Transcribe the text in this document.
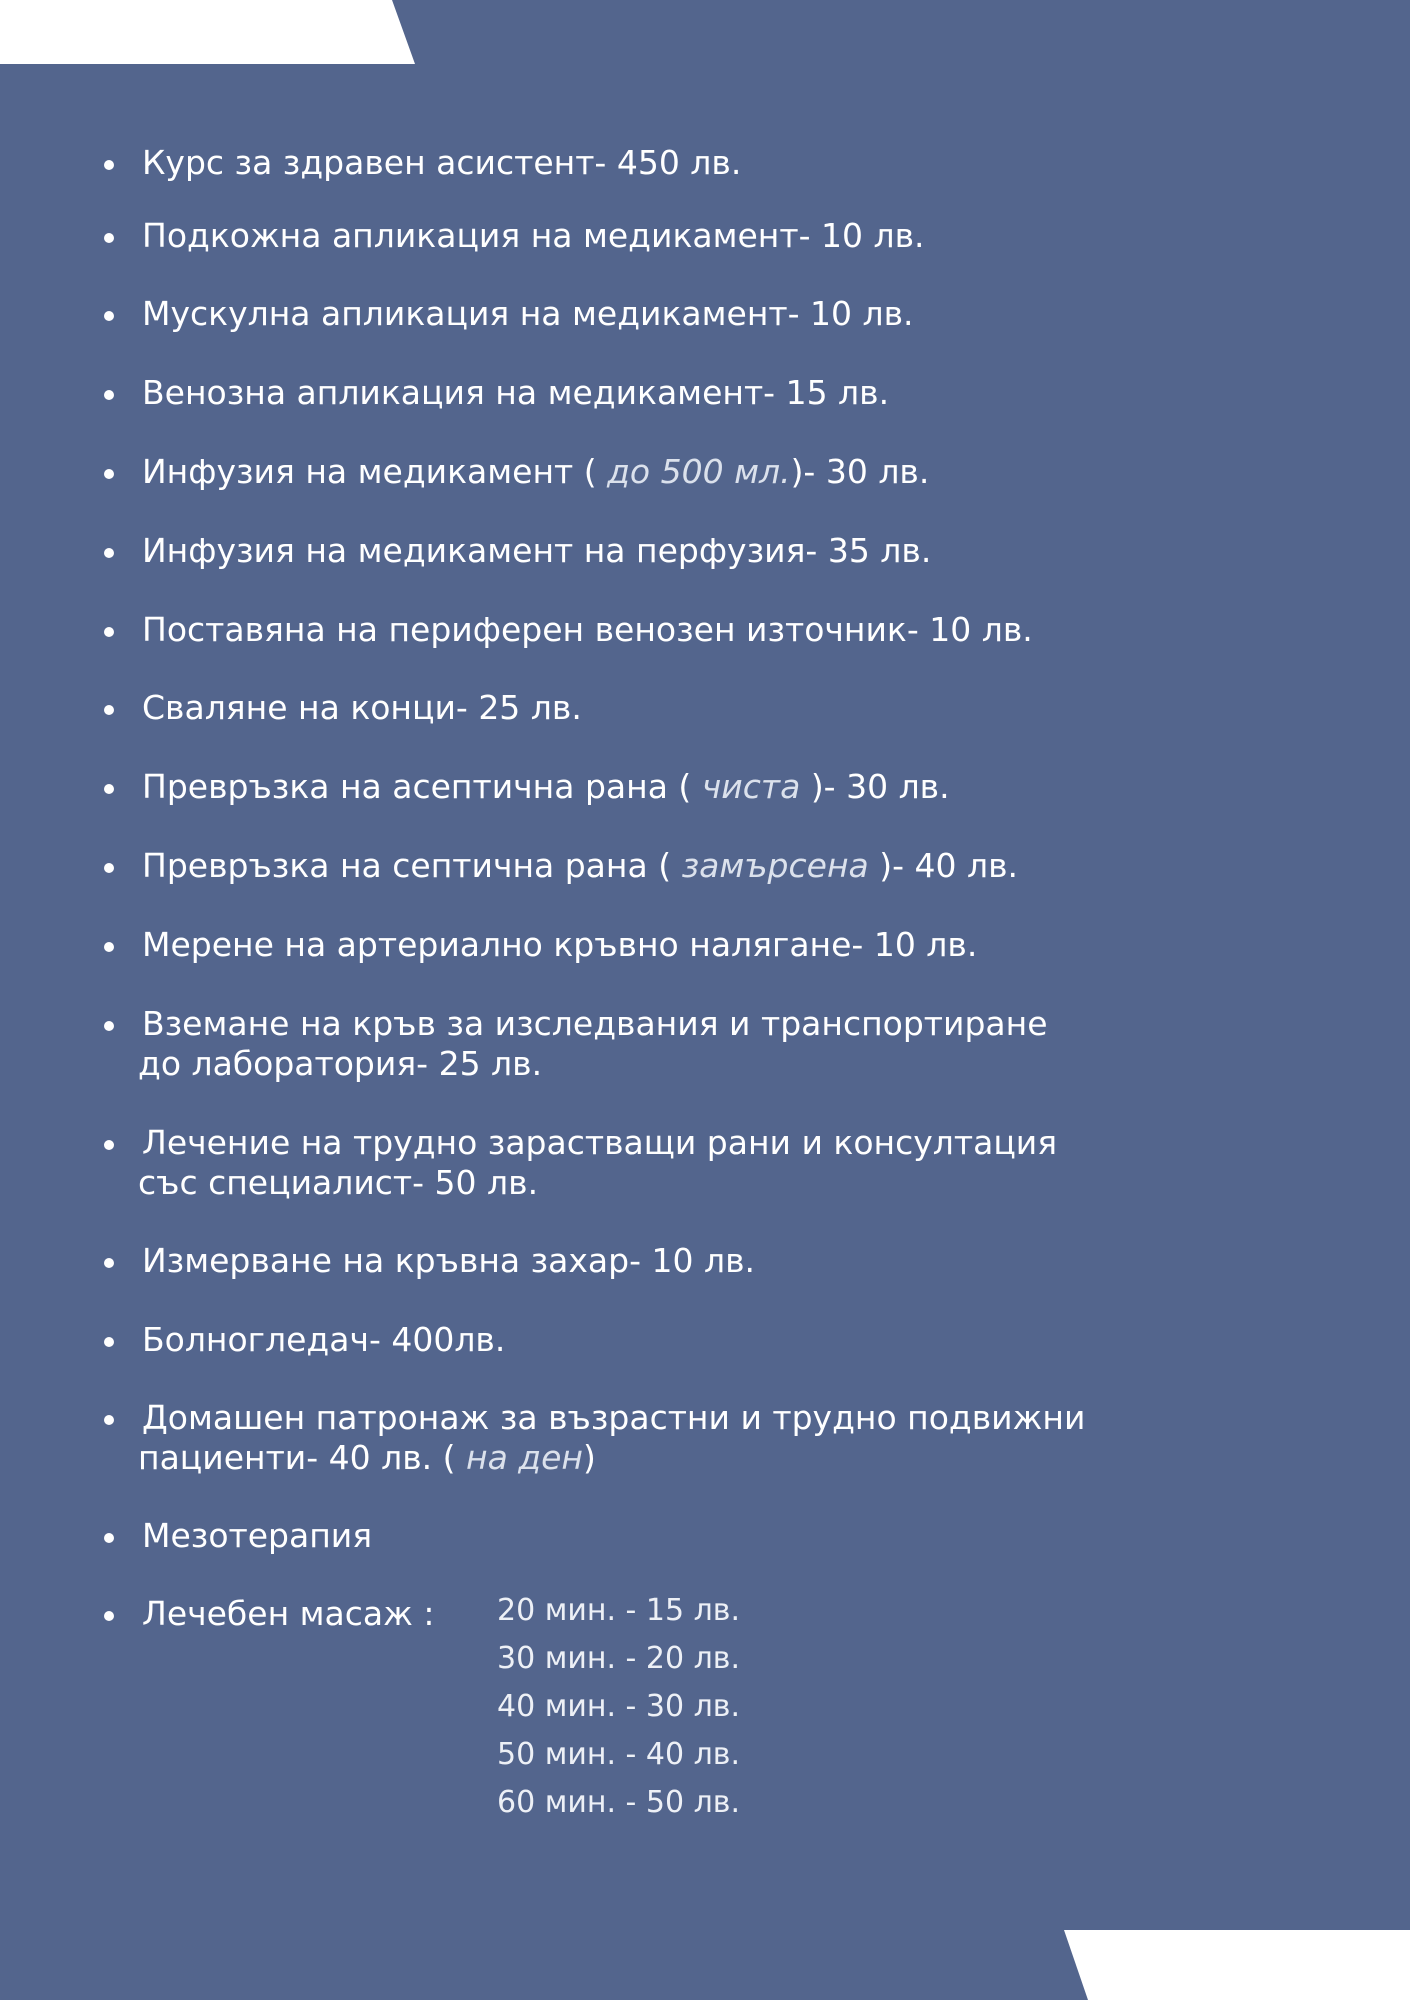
Курс за здравен асистент- 450 лв.
Подкожна апликация на медикамент- 10 лв.
Мускулна апликация на медикамент- 10 лв.
Венозна апликация на медикамент- 15 лв.
Инфузия на медикамент ( до 500 мл.)- 30 лв.
Инфузия на медикамент на перфузия- 35 лв.
Поставяна на периферен венозен източник- 10 лв.
Сваляне на конци- 25 лв.
Превръзка на асептична рана ( чиста )- 30 лв.
Превръзка на септична рана ( замърсена )- 40 лв.
Мерене на артериално кръвно налягане- 10 лв.
Вземане на кръв за изследвания и транспортиране
до лаборатория- 25 лв.
Лечение на трудно зарастващи рани и консултация
със специалист- 50 лв.
Измерване на кръвна захар- 10 лв.
Болногледач- 400лв.
Домашен патронаж за възрастни и трудно подвижни
пациенти- 40 лв. ( на ден)
Мезотерапия
Лечебен масаж :	20 мин. - 15 лв.
30 мин. - 20 лв.
40 мин. - 30 лв.
50 мин. - 40 лв.
60 мин. - 50 лв.
